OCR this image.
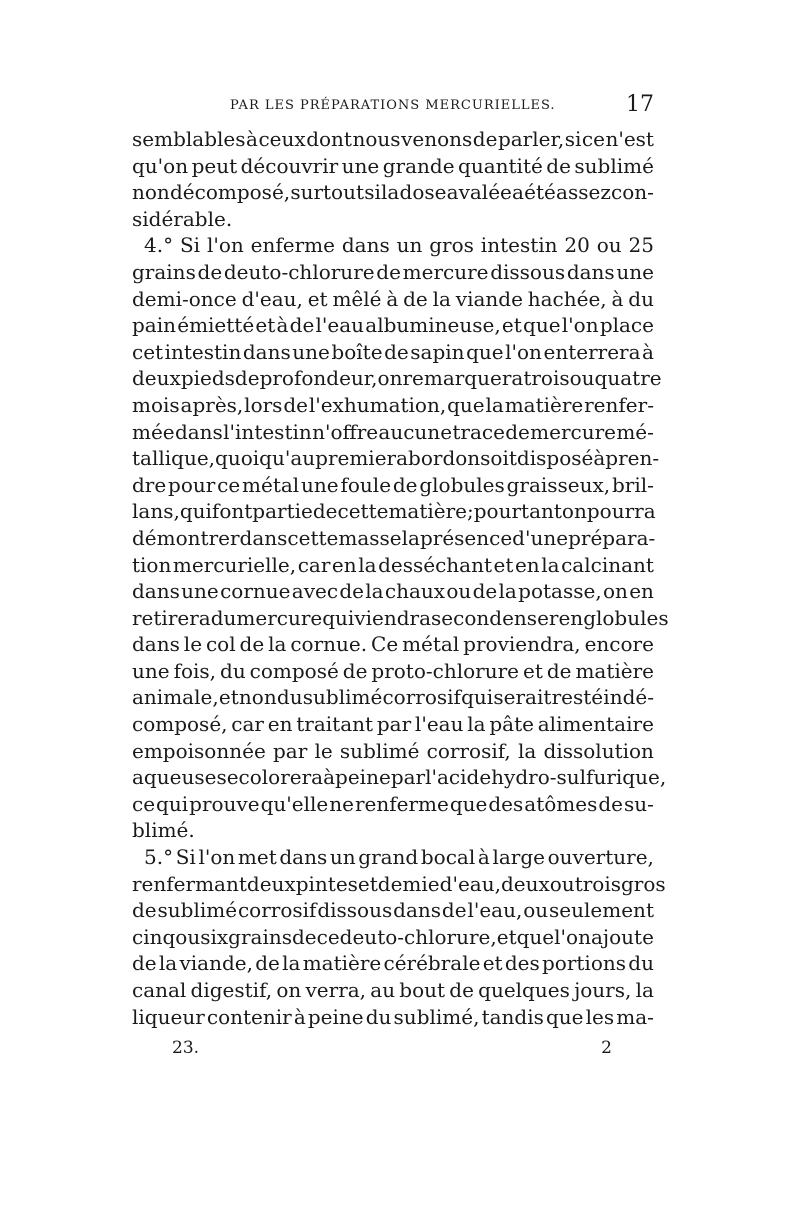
PAR LES PRÉPARATIONS MERCURIELLES.	17
semblables à ceux dont nous venons de parler, si ce n'est
qu'on peut découvrir une grande quantité de sublimé
non décomposé, surtout si la dose avalée a été assez con-
sidérable.
4.° Si l'on enferme dans un gros intestin 20 ou 25
grains de deuto-chlorure de mercure dissous dans une
demi-once d'eau, et mêlé à de la viande hachée, à du
pain émietté et à de l'eau albumineuse, et que l'on place
cet intestin dans une boîte de sapin que l'on enterrera à
deux pieds de profondeur, on remarquera trois ou quatre
mois après, lors de l'exhumation, que la matière renfer-
mée dans l'intestin n'offre aucune trace de mercure mé-
tallique, quoiqu'au premier abord on soit disposé à pren-
dre pour ce métal une foule de globules graisseux, bril-
lans, qui font partie de cette matière; pourtant on pourra
démontrer dans cette masse la présence d'une prépara-
tion mercurielle, car en la desséchant et en la calcinant
dans une cornue avec de la chaux ou de la potasse, on en
retirera du mercure qui viendra se condenser en globules
dans le col de la cornue. Ce métal proviendra, encore
une fois, du composé de proto-chlorure et de matière
animale, et non du sublimé corrosif qui serait resté indé-
composé, car en traitant par l'eau la pâte alimentaire
empoisonnée par le sublimé corrosif, la dissolution
aqueuse se colorera à peine par l'acide hydro-sulfurique,
ce qui prouve qu'elle ne renferme que des atômes de su-
blimé.
5.° Si l'on met dans un grand bocal à large ouverture,
renfermant deux pintes et demie d'eau, deux ou trois gros
de sublimé corrosif dissous dans de l'eau, ou seulement
cinq ou six grains de ce deuto-chlorure, et que l'on ajoute
de la viande, de la matière cérébrale et des portions du
canal digestif, on verra, au bout de quelques jours, la
liqueur contenir à peine du sublimé, tandis que les ma-
23.	2
